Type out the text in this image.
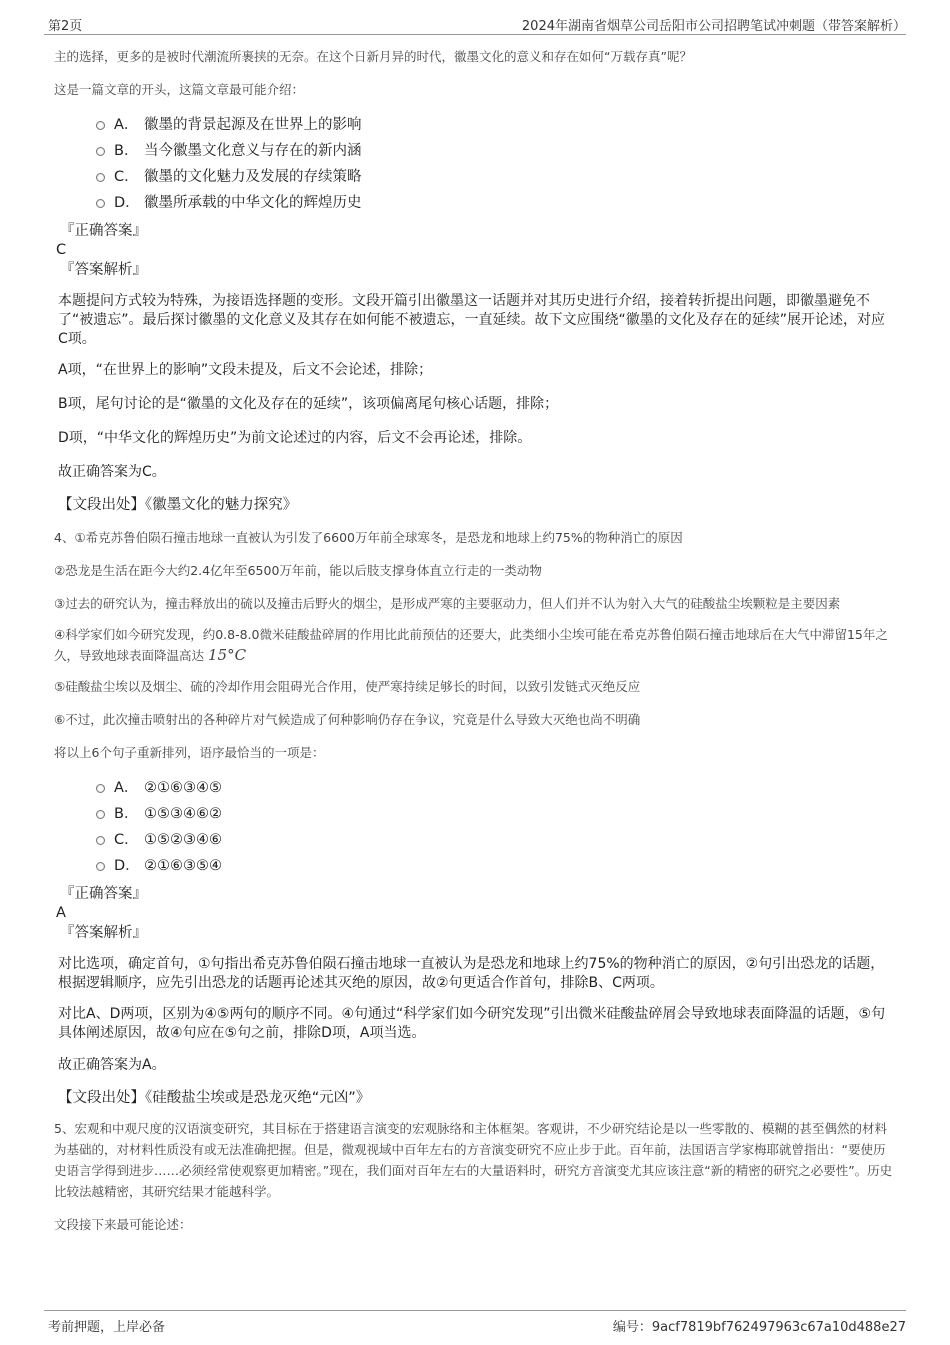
第2页	2024年湖南省烟草公司岳阳市公司招聘笔试冲刺题（带答案解析）

主的选择，更多的是被时代潮流所裹挟的无奈。在这个日新月异的时代，徽墨文化的意义和存在如何“万载存真”呢？

这是一篇文章的开头，这篇文章最可能介绍：

A． 徽墨的背景起源及在世界上的影响
B． 当今徽墨文化意义与存在的新内涵
C． 徽墨的文化魅力及发展的存续策略
D． 徽墨所承载的中华文化的辉煌历史
『正确答案』
C
『答案解析』

本题提问方式较为特殊，为接语选择题的变形。文段开篇引出徽墨这一话题并对其历史进行介绍，接着转折提出问题，即徽墨避免不了“被遗忘”。最后探讨徽墨的文化意义及其存在如何能不被遗忘，一直延续。故下文应围绕“徽墨的文化及存在的延续”展开论述，对应C项。

A项，“在世界上的影响”文段未提及，后文不会论述，排除；

B项，尾句讨论的是“徽墨的文化及存在的延续”，该项偏离尾句核心话题，排除；

D项，“中华文化的辉煌历史”为前文论述过的内容，后文不会再论述，排除。

故正确答案为C。

【文段出处】《徽墨文化的魅力探究》

4、①希克苏鲁伯陨石撞击地球一直被认为引发了6600万年前全球寒冬，是恐龙和地球上约75%的物种消亡的原因

②恐龙是生活在距今大约2.4亿年至6500万年前，能以后肢支撑身体直立行走的一类动物

③过去的研究认为，撞击释放出的硫以及撞击后野火的烟尘，是形成严寒的主要驱动力，但人们并不认为射入大气的硅酸盐尘埃颗粒是主要因素

④科学家们如今研究发现，约0.8-8.0微米硅酸盐碎屑的作用比此前预估的还要大，此类细小尘埃可能在希克苏鲁伯陨石撞击地球后在大气中滞留15年之久，导致地球表面降温高达 15°C

⑤硅酸盐尘埃以及烟尘、硫的冷却作用会阻碍光合作用，使严寒持续足够长的时间，以致引发链式灭绝反应

⑥不过，此次撞击喷射出的各种碎片对气候造成了何种影响仍存在争议，究竟是什么导致大灭绝也尚不明确

将以上6个句子重新排列，语序最恰当的一项是：

A． ②①⑥③④⑤
B． ①⑤③④⑥②
C． ①⑤②③④⑥
D． ②①⑥③⑤④
『正确答案』
A
『答案解析』

对比选项，确定首句，①句指出希克苏鲁伯陨石撞击地球一直被认为是恐龙和地球上约75%的物种消亡的原因，②句引出恐龙的话题，根据逻辑顺序，应先引出恐龙的话题再论述其灭绝的原因，故②句更适合作首句，排除B、C两项。

对比A、D两项，区别为④⑤两句的顺序不同。④句通过“科学家们如今研究发现”引出微米硅酸盐碎屑会导致地球表面降温的话题，⑤句具体阐述原因，故④句应在⑤句之前，排除D项，A项当选。

故正确答案为A。

【文段出处】《硅酸盐尘埃或是恐龙灭绝“元凶”》

5、宏观和中观尺度的汉语演变研究，其目标在于搭建语言演变的宏观脉络和主体框架。客观讲，不少研究结论是以一些零散的、模糊的甚至偶然的材料为基础的，对材料性质没有或无法准确把握。但是，微观视域中百年左右的方音演变研究不应止步于此。百年前，法国语言学家梅耶就曾指出：“要使历史语言学得到进步……必须经常使观察更加精密。”现在，我们面对百年左右的大量语料时，研究方音演变尤其应该注意“新的精密的研究之必要性”。历史比较法越精密，其研究结果才能越科学。

文段接下来最可能论述：

考前押题，上岸必备	编号：9acf7819bf762497963c67a10d488e27
